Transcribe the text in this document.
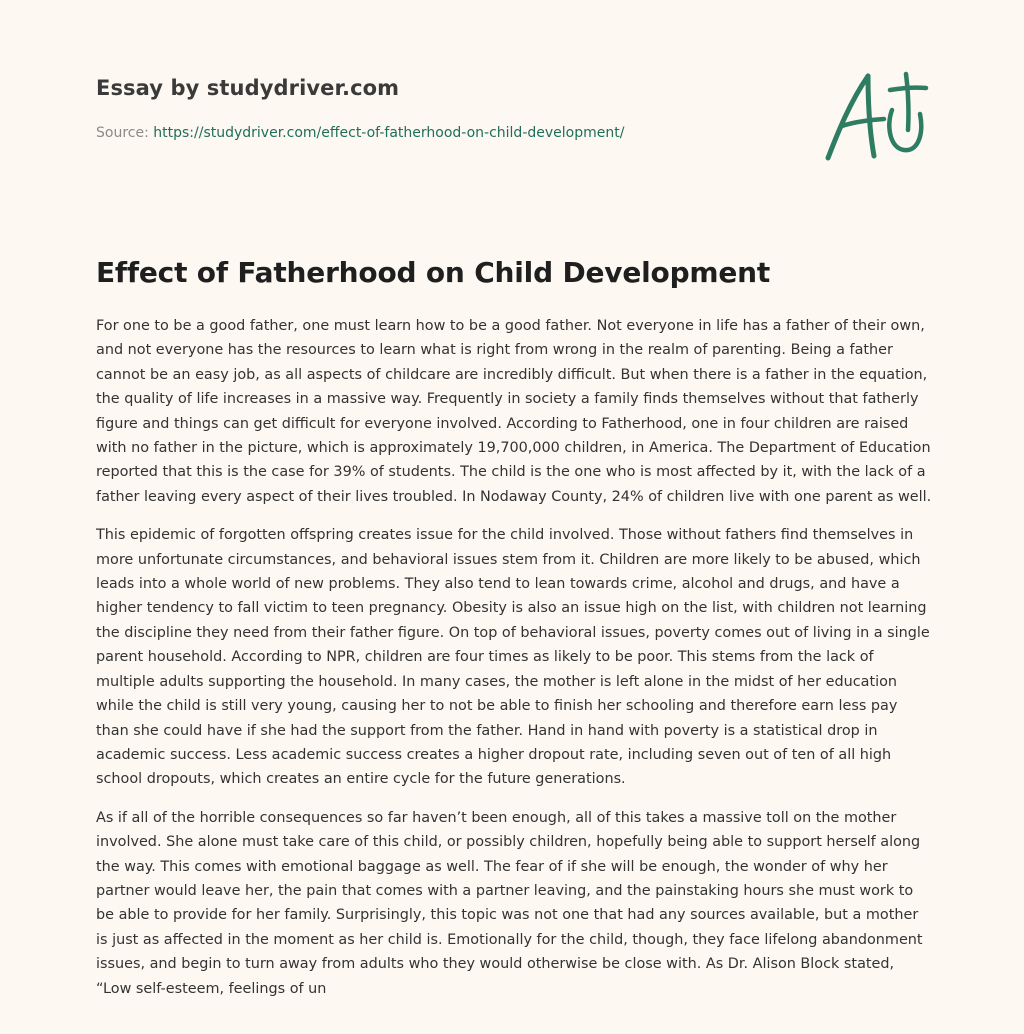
Essay by studydriver.com
Source: https://studydriver.com/effect-of-fatherhood-on-child-development/
Effect of Fatherhood on Child Development

For one to be a good father, one must learn how to be a good father. Not everyone in life has a father of their own, and not everyone has the resources to learn what is right from wrong in the realm of parenting. Being a father cannot be an easy job, as all aspects of childcare are incredibly difficult. But when there is a father in the equation, the quality of life increases in a massive way. Frequently in society a family finds themselves without that fatherly figure and things can get difficult for everyone involved. According to Fatherhood, one in four children are raised with no father in the picture, which is approximately 19,700,000 children, in America. The Department of Education reported that this is the case for 39% of students. The child is the one who is most affected by it, with the lack of a father leaving every aspect of their lives troubled. In Nodaway County, 24% of children live with one parent as well.

This epidemic of forgotten offspring creates issue for the child involved. Those without fathers find themselves in more unfortunate circumstances, and behavioral issues stem from it. Children are more likely to be abused, which leads into a whole world of new problems. They also tend to lean towards crime, alcohol and drugs, and have a higher tendency to fall victim to teen pregnancy. Obesity is also an issue high on the list, with children not learning the discipline they need from their father figure. On top of behavioral issues, poverty comes out of living in a single parent household. According to NPR, children are four times as likely to be poor. This stems from the lack of multiple adults supporting the household. In many cases, the mother is left alone in the midst of her education while the child is still very young, causing her to not be able to finish her schooling and therefore earn less pay than she could have if she had the support from the father. Hand in hand with poverty is a statistical drop in academic success. Less academic success creates a higher dropout rate, including seven out of ten of all high school dropouts, which creates an entire cycle for the future generations.

As if all of the horrible consequences so far haven’t been enough, all of this takes a massive toll on the mother involved. She alone must take care of this child, or possibly children, hopefully being able to support herself along the way. This comes with emotional baggage as well. The fear of if she will be enough, the wonder of why her partner would leave her, the pain that comes with a partner leaving, and the painstaking hours she must work to be able to provide for her family. Surprisingly, this topic was not one that had any sources available, but a mother is just as affected in the moment as her child is. Emotionally for the child, though, they face lifelong abandonment issues, and begin to turn away from adults who they would otherwise be close with. As Dr. Alison Block stated, “Low self-esteem, feelings of un
